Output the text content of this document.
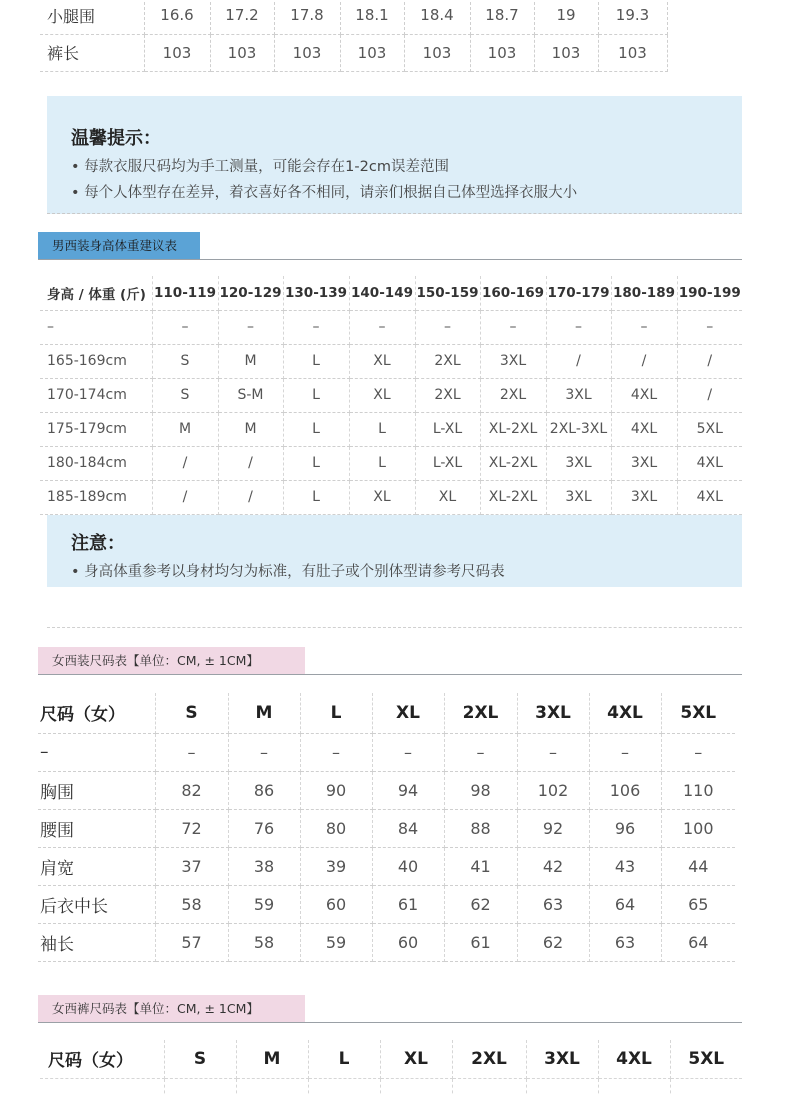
小腿围	16.6	17.2	17.8	18.1	18.4	18.7	19	19.3
裤长	103	103	103	103	103	103	103	103
温馨提示：
• 每款衣服尺码均为手工测量，可能会存在1-2cm误差范围
• 每个人体型存在差异，着衣喜好各不相同，请亲们根据自己体型选择衣服大小
男西装身高体重建议表
身高 / 体重 (斤)	110-119	120-129	130-139	140-149	150-159	160-169	170-179	180-189	190-199
–	–	–	–	–	–	–	–	–	–
165-169cm	S	M	L	XL	2XL	3XL	/	/	/
170-174cm	S	S-M	L	XL	2XL	2XL	3XL	4XL	/
175-179cm	M	M	L	L	L-XL	XL-2XL	2XL-3XL	4XL	5XL
180-184cm	/	/	L	L	L-XL	XL-2XL	3XL	3XL	4XL
185-189cm	/	/	L	XL	XL	XL-2XL	3XL	3XL	4XL
注意：
• 身高体重参考以身材均匀为标准，有肚子或个别体型请参考尺码表
女西装尺码表【单位：CM, ± 1CM】
尺码（女）	S	M	L	XL	2XL	3XL	4XL	5XL
–	–	–	–	–	–	–	–	–
胸围	82	86	90	94	98	102	106	110
腰围	72	76	80	84	88	92	96	100
肩宽	37	38	39	40	41	42	43	44
后衣中长	58	59	60	61	62	63	64	65
袖长	57	58	59	60	61	62	63	64
女西裤尺码表【单位：CM, ± 1CM】
尺码（女）	S	M	L	XL	2XL	3XL	4XL	5XL
